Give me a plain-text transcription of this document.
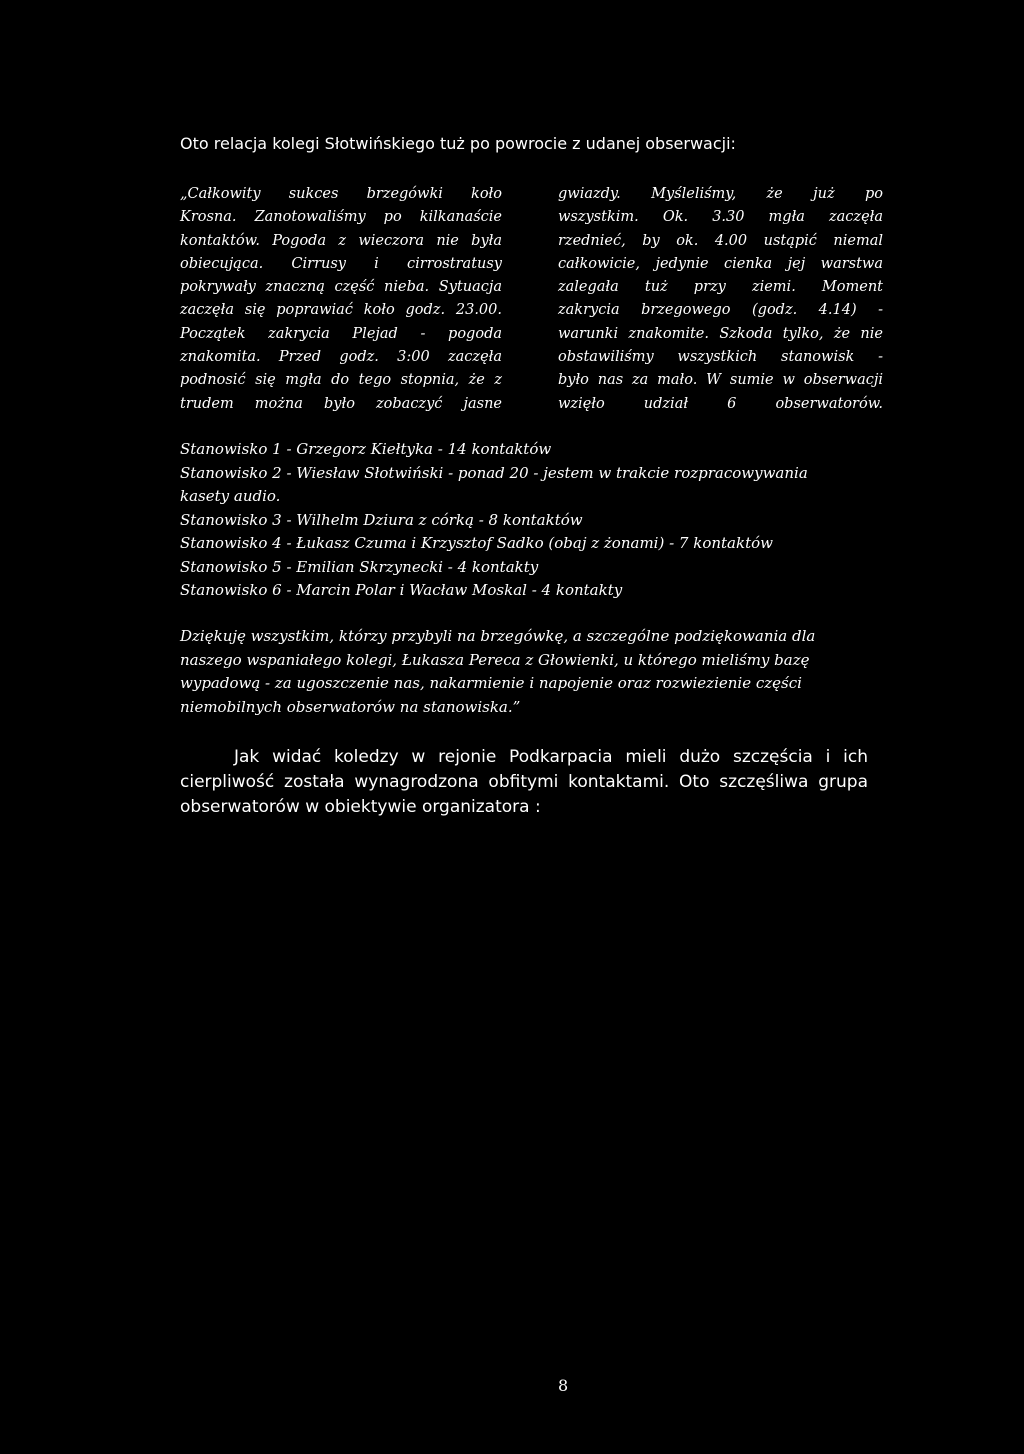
Oto relacja kolegi Słotwińskiego tuż po powrocie z udanej obserwacji:
„Całkowity sukces brzegówki koło
Krosna. Zanotowaliśmy po kilkanaście
kontaktów. Pogoda z wieczora nie była
obiecująca. Cirrusy i cirrostratusy
pokrywały znaczną część nieba. Sytuacja
zaczęła się poprawiać koło godz. 23.00.
Początek zakrycia Plejad - pogoda
znakomita. Przed godz. 3:00 zaczęła
podnosić się mgła do tego stopnia, że z
trudem można było zobaczyć jasne
gwiazdy. Myśleliśmy, że już po
wszystkim. Ok. 3.30 mgła zaczęła
rzednieć, by ok. 4.00 ustąpić niemal
całkowicie, jedynie cienka jej warstwa
zalegała tuż przy ziemi. Moment
zakrycia brzegowego (godz. 4.14) -
warunki znakomite. Szkoda tylko, że nie
obstawiliśmy wszystkich stanowisk -
było nas za mało. W sumie w obserwacji
wzięło udział 6 obserwatorów.
Stanowisko 1 - Grzegorz Kiełtyka - 14 kontaktów
Stanowisko 2 - Wiesław Słotwiński - ponad 20 - jestem w trakcie rozpracowywania
kasety audio.
Stanowisko 3 - Wilhelm Dziura z córką - 8 kontaktów
Stanowisko 4 - Łukasz Czuma i Krzysztof Sadko (obaj z żonami) - 7 kontaktów
Stanowisko 5 - Emilian Skrzynecki - 4 kontakty
Stanowisko 6 - Marcin Polar i Wacław Moskal - 4 kontakty
Dziękuję wszystkim, którzy przybyli na brzegówkę, a szczególne podziękowania dla
naszego wspaniałego kolegi, Łukasza Pereca z Głowienki, u którego mieliśmy bazę
wypadową - za ugoszczenie nas, nakarmienie i napojenie oraz rozwiezienie części
niemobilnych obserwatorów na stanowiska.”
Jak widać koledzy w rejonie Podkarpacia mieli dużo szczęścia i ich
cierpliwość została wynagrodzona obfitymi kontaktami. Oto szczęśliwa grupa
obserwatorów w obiektywie organizatora :
8
